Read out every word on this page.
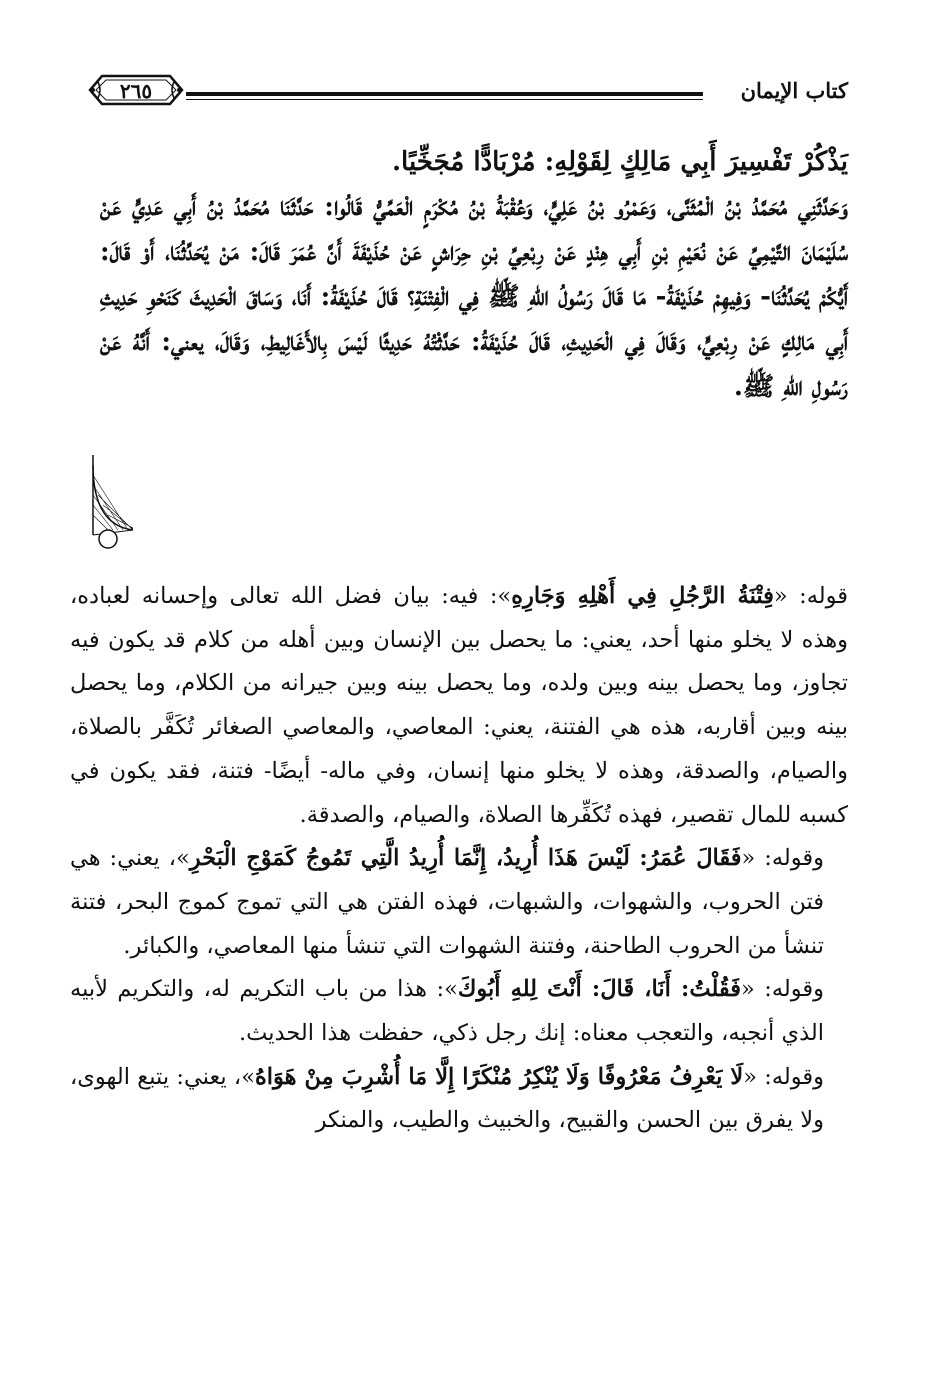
كتاب الإيمان
٢٦٥

يَذْكُرْ تَفْسِيرَ أَبِي مَالِكٍ لِقَوْلِهِ: مُرْبَادًّا مُجَخِّيًا.

وَحَدَّثَنِي مُحَمَّدُ بْنُ الْمُثَنَّى، وَعَمْرُو بْنُ عَلِيٍّ، وَعُقْبَةُ بْنُ مُكْرَمٍ الْعَمِّيُّ قَالُوا: حَدَّثَنَا مُحَمَّدُ بْنُ أَبِي عَدِيٍّ عَنْ سُلَيْمَانَ التَّيْمِيِّ عَنْ نُعَيْمِ بْنِ أَبِي هِنْدٍ عَنْ رِبْعِيِّ بْنِ حِرَاشٍ عَنْ حُذَيْفَةَ أَنَّ عُمَرَ قَالَ: مَنْ يُحَدِّثُنَا، أَوْ قَالَ: أَيُّكُمْ يُحَدِّثُنَا- وَفِيهِمْ حُذَيْفَةُ- مَا قَالَ رَسُولُ اللهِ ﷺ فِي الْفِتْنَةِ؟ قَالَ حُذَيْفَةُ: أَنَا، وَسَاقَ الْحَدِيثَ كَنَحْوِ حَدِيثِ أَبِي مَالِكٍ عَنْ رِبْعِيٍّ، وَقَالَ فِي الْحَدِيثِ، قَالَ حُذَيْفَةُ: حَدَّثْتُهُ حَدِيثًا لَيْسَ بِالأَغَالِيطِ، وَقَالَ، يعني: أَنَّهُ عَنْ رَسُولِ اللهِ ﷺ.

قوله: «فِتْنَةُ الرَّجُلِ فِي أَهْلِهِ وَجَارِهِ»: فيه: بيان فضل الله تعالى وإحسانه لعباده، وهذه لا يخلو منها أحد، يعني: ما يحصل بين الإنسان وبين أهله من كلام قد يكون فيه تجاوز، وما يحصل بينه وبين ولده، وما يحصل بينه وبين جيرانه من الكلام، وما يحصل بينه وبين أقاربه، هذه هي الفتنة، يعني: المعاصي، والمعاصي الصغائر تُكَفَّر بالصلاة، والصيام، والصدقة، وهذه لا يخلو منها إنسان، وفي ماله- أيضًا- فتنة، فقد يكون في كسبه للمال تقصير، فهذه تُكَفِّرها الصلاة، والصيام، والصدقة.

وقوله: «فَقَالَ عُمَرُ: لَيْسَ هَذَا أُرِيدُ، إِنَّمَا أُرِيدُ الَّتِي تَمُوجُ كَمَوْجِ الْبَحْرِ»، يعني: هي فتن الحروب، والشهوات، والشبهات، فهذه الفتن هي التي تموج كموج البحر، فتنة تنشأ من الحروب الطاحنة، وفتنة الشهوات التي تنشأ منها المعاصي، والكبائر.

وقوله: «فَقُلْتُ: أَنَا، قَالَ: أَنْتَ لِلهِ أَبُوكَ»: هذا من باب التكريم له، والتكريم لأبيه الذي أنجبه، والتعجب معناه: إنك رجل ذكي، حفظت هذا الحديث.

وقوله: «لَا يَعْرِفُ مَعْرُوفًا وَلَا يُنْكِرُ مُنْكَرًا إِلَّا مَا أُشْرِبَ مِنْ هَوَاهُ»، يعني: يتبع الهوى، ولا يفرق بين الحسن والقبيح، والخبيث والطيب، والمنكر
